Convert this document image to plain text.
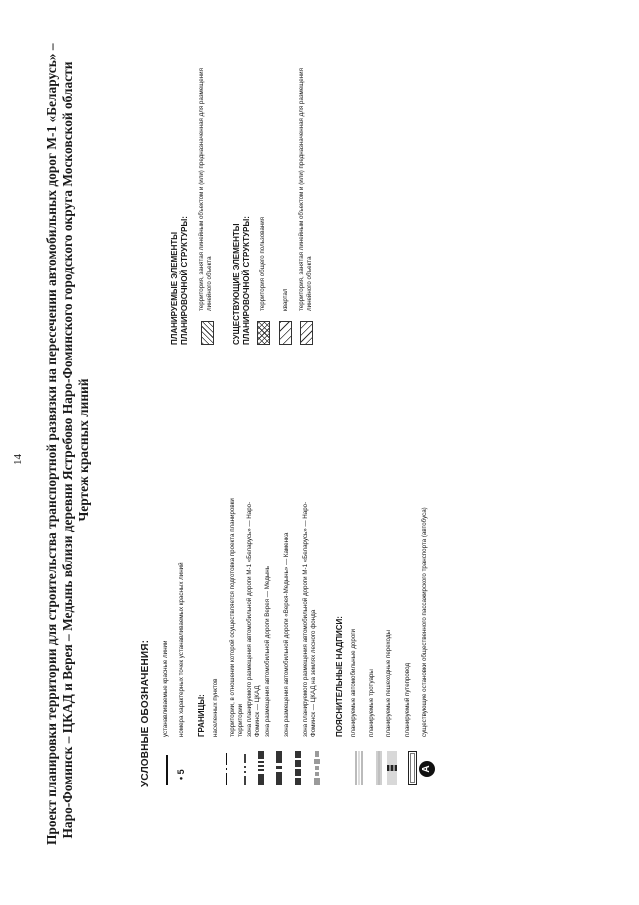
14 Проект планировки территории для строительства транспортной развязки на пересечении автомобильных дорог М-1 «Беларусь» – Наро-Фоминск – ЦКАД и Верея – Медынь вблизи деревни Ястребово Наро-Фоминского городского округа Московской области Чертеж красных линий
УСЛОВНЫЕ ОБОЗНАЧЕНИЯ: устанавливаемые красные линии
• 5
номера характерных точек устанавливаемых красных линий ГРАНИЦЫ: населенных пунктов территории, в отношении которой осуществляется подготовка проекта планировки территории зона планируемого размещения автомобильной дороги М-1 «Беларусь» — Наро-Фоминск — ЦКАД зона размещения автомобильной дороги Верея — Медынь зона размещения автомобильной дороги «Верея-Медынь» — Каменка зона планируемого размещения автомобильной дороги М-1 «Беларусь» — Наро-Фоминск — ЦКАД на землях лесного фонда ПОЯСНИТЕЛЬНЫЕ НАДПИСИ: планируемые автомобильные дороги планируемые тротуары планируемые пешеходные переходы планируемый путепровод
A
существующие остановки общественного пассажирского транспорта (автобуса)
ПЛАНИРУЕМЫЕ ЭЛЕМЕНТЫ ПЛАНИРОВОЧНОЙ СТРУКТУРЫ: территория, занятая линейным объектом и (или) предназначенная для размещения линейного объекта СУЩЕСТВУЮЩИЕ ЭЛЕМЕНТЫ ПЛАНИРОВОЧНОЙ СТРУКТУРЫ: территория общего пользования	квартал территория, занятая линейным объектом и (или) предназначенная для размещения линейного объекта
